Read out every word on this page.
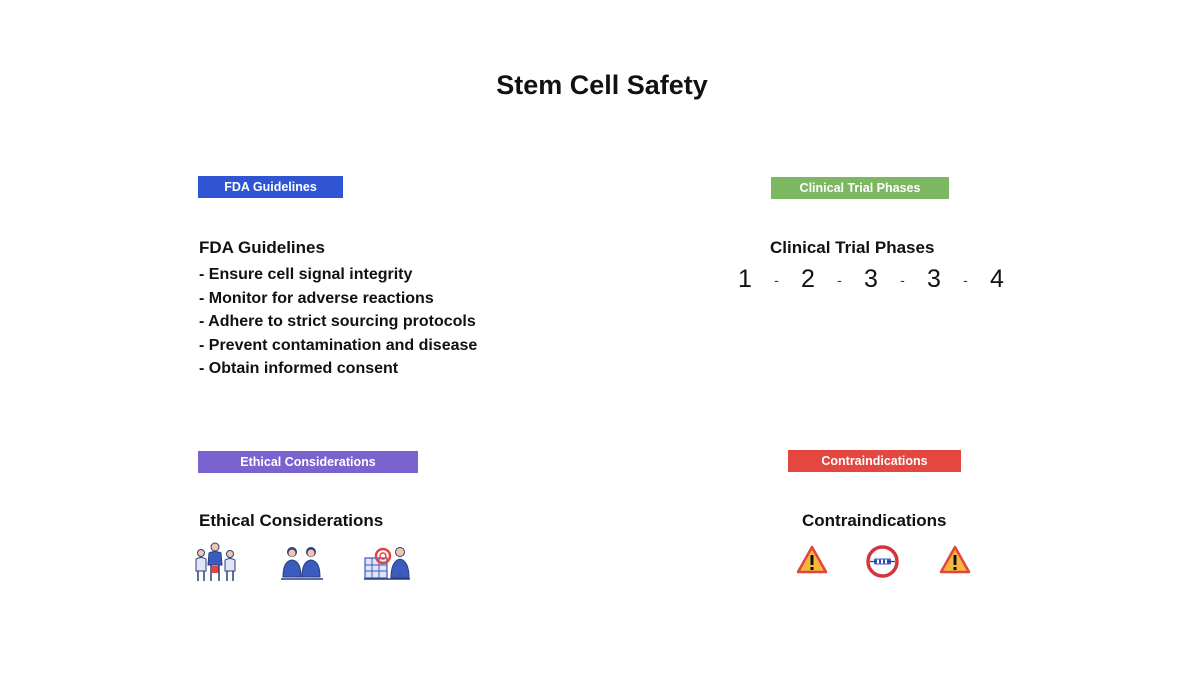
Stem Cell Safety
FDA Guidelines
FDA Guidelines
- Ensure cell signal integrity
- Monitor for adverse reactions
- Adhere to strict sourcing protocols
- Prevent contamination and disease
- Obtain informed consent
Clinical Trial Phases
Clinical Trial Phases
1	- 2	- 3	- 3	- 4
Ethical Considerations
Ethical Considerations
Contraindications
Contraindications
